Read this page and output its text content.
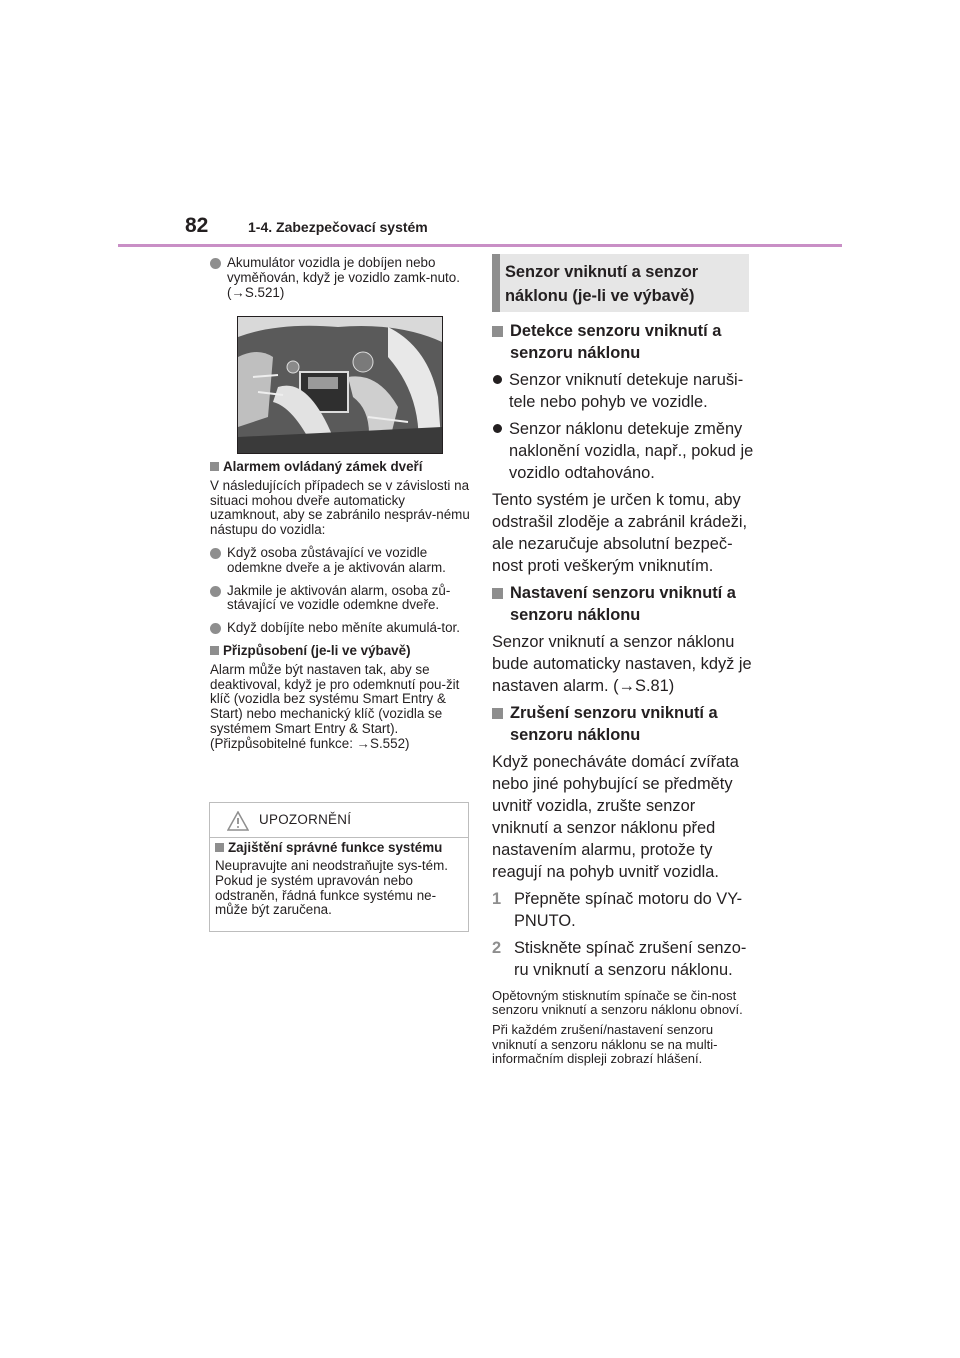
82	1-4. Zabezpečovací systém
Akumulátor vozidla je dobíjen nebo vyměňován, když je vozidlo zamk-nuto. (→S.521)
Alarmem ovládaný zámek dveří
V následujících případech se v závislosti na situaci mohou dveře automaticky uzamknout, aby se zabránilo nespráv-nému nástupu do vozidla:
Když osoba zůstávající ve vozidle odemkne dveře a je aktivován alarm.
Jakmile je aktivován alarm, osoba zů-stávající ve vozidle odemkne dveře.
Když dobíjíte nebo měníte akumulá-tor.
Přizpůsobení (je-li ve výbavě)
Alarm může být nastaven tak, aby se deaktivoval, když je pro odemknutí pou-žit klíč (vozidla bez systému Smart Entry & Start) nebo mechanický klíč (vozidla se systémem Smart Entry & Start). (Přizpůsobitelné funkce: →S.552)
UPOZORNĚNÍ
Zajištění správné funkce systému
Neupravujte ani neodstraňujte sys-tém. Pokud je systém upravován nebo odstraněn, řádná funkce systému ne-může být zaručena.
Senzor vniknutí a senzor
náklonu (je-li ve výbavě)
Detekce senzoru vniknutí a senzoru náklonu
Senzor vniknutí detekuje naruši-tele nebo pohyb ve vozidle.
Senzor náklonu detekuje změny naklonění vozidla, např., pokud je vozidlo odtahováno.
Tento systém je určen k tomu, aby odstrašil zloděje a zabránil krádeži, ale nezaručuje absolutní bezpeč-nost proti veškerým vniknutím.
Nastavení senzoru vniknutí a senzoru náklonu
Senzor vniknutí a senzor náklonu bude automaticky nastaven, když je nastaven alarm. (→S.81)
Zrušení senzoru vniknutí a senzoru náklonu
Když ponecháváte domácí zvířata nebo jiné pohybující se předměty uvnitř vozidla, zrušte senzor vniknutí a senzor náklonu před nastavením alarmu, protože ty reagují na pohyb uvnitř vozidla.
1 Přepněte spínač motoru do VY-PNUTO.
2 Stiskněte spínač zrušení senzo-ru vniknutí a senzoru náklonu.
Opětovným stisknutím spínače se čin-nost senzoru vniknutí a senzoru náklonu obnoví.
Při každém zrušení/nastavení senzoru vniknutí a senzoru náklonu se na multi-informačním displeji zobrazí hlášení.
